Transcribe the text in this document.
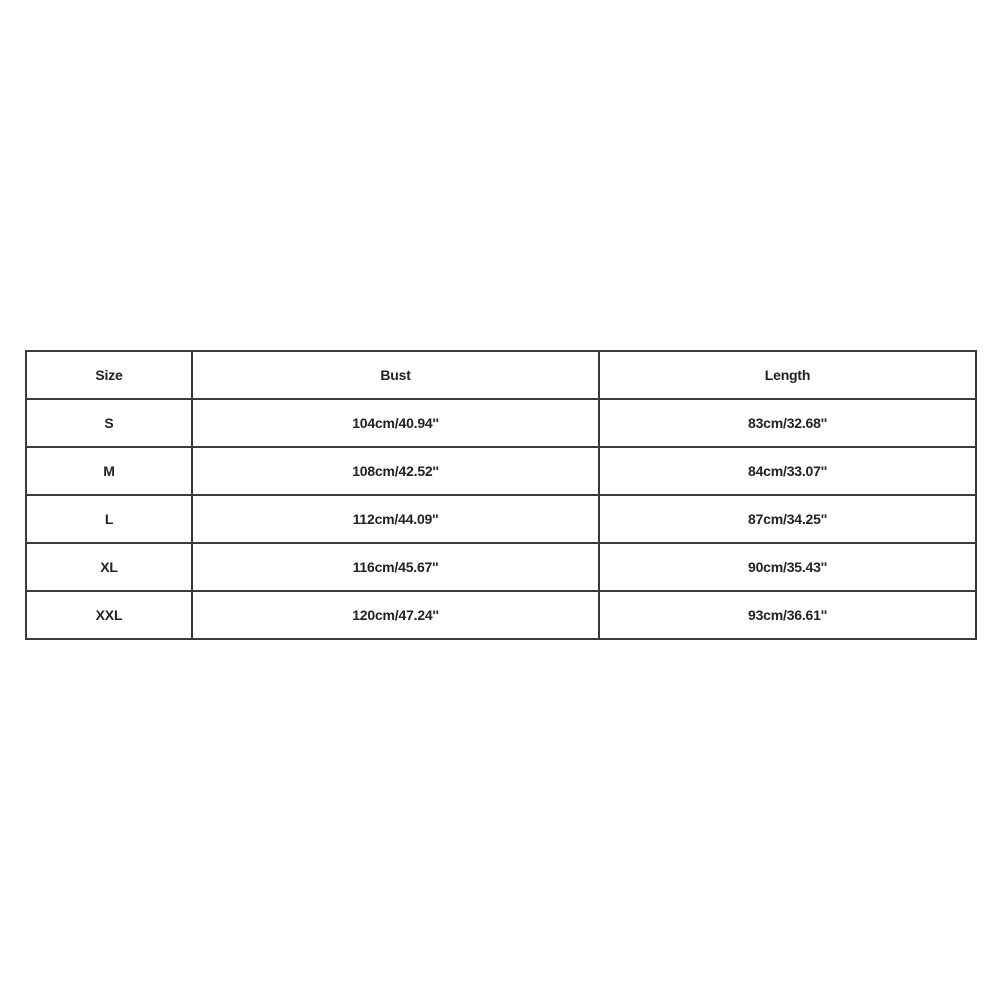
Size	Bust	Length
S	104cm/40.94''	83cm/32.68''
M	108cm/42.52''	84cm/33.07''
L	112cm/44.09''	87cm/34.25''
XL	116cm/45.67''	90cm/35.43''
XXL	120cm/47.24''	93cm/36.61''
